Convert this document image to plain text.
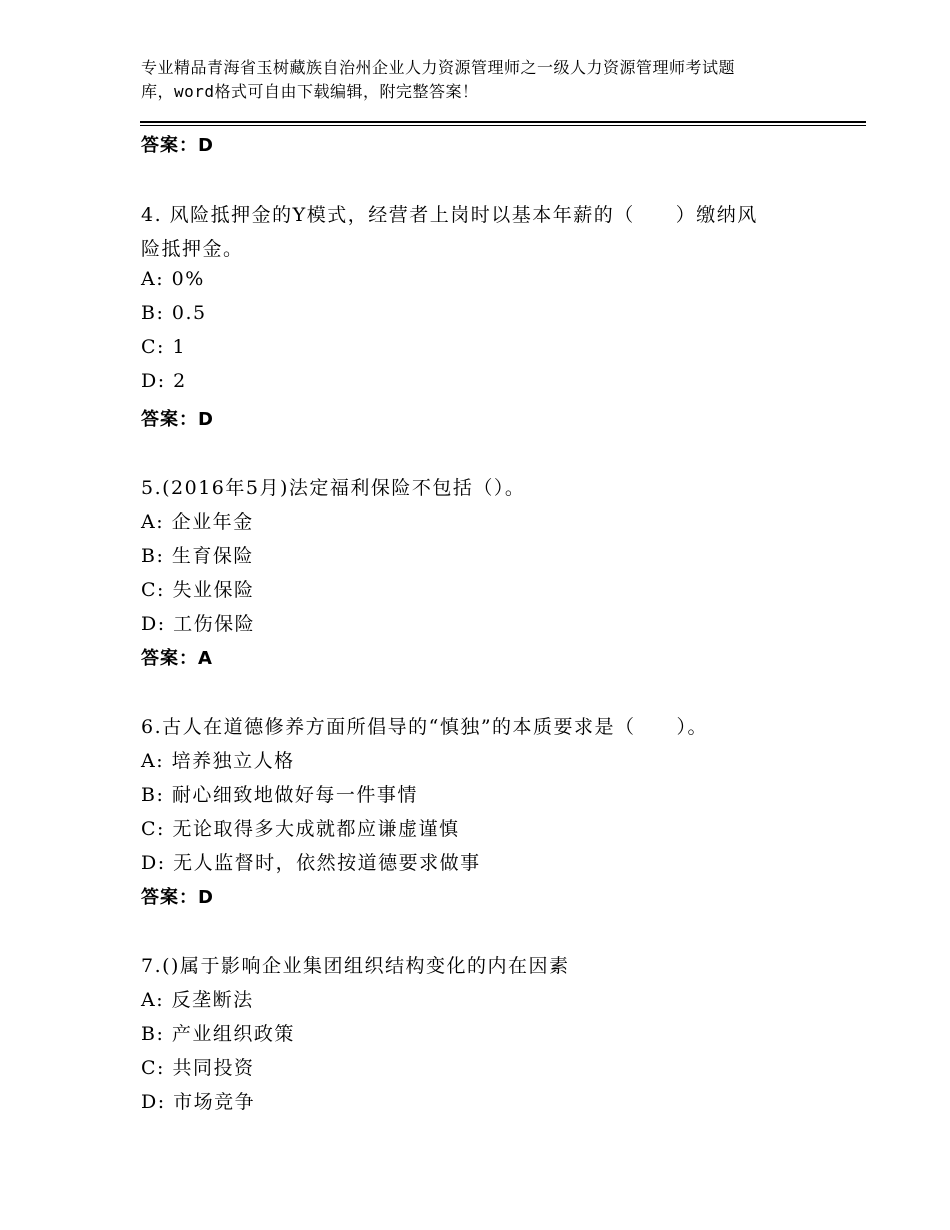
专业精品青海省玉树藏族自治州企业人力资源管理师之一级人力资源管理师考试题
库，word格式可自由下载编辑，附完整答案！
答案：D
4. 风险抵押金的Y模式，经营者上岗时以基本年薪的（　　）缴纳风
险抵押金。
A: 0%
B: 0.5
C: 1
D: 2
答案：D
5.(2016年5月)法定福利保险不包括（）。
A: 企业年金
B: 生育保险
C: 失业保险
D: 工伤保险
答案：A
6.古人在道德修养方面所倡导的“慎独”的本质要求是（　　）。
A: 培养独立人格
B: 耐心细致地做好每一件事情
C: 无论取得多大成就都应谦虚谨慎
D: 无人监督时，依然按道德要求做事
答案：D
7.()属于影响企业集团组织结构变化的内在因素
A: 反垄断法
B: 产业组织政策
C: 共同投资
D: 市场竞争
